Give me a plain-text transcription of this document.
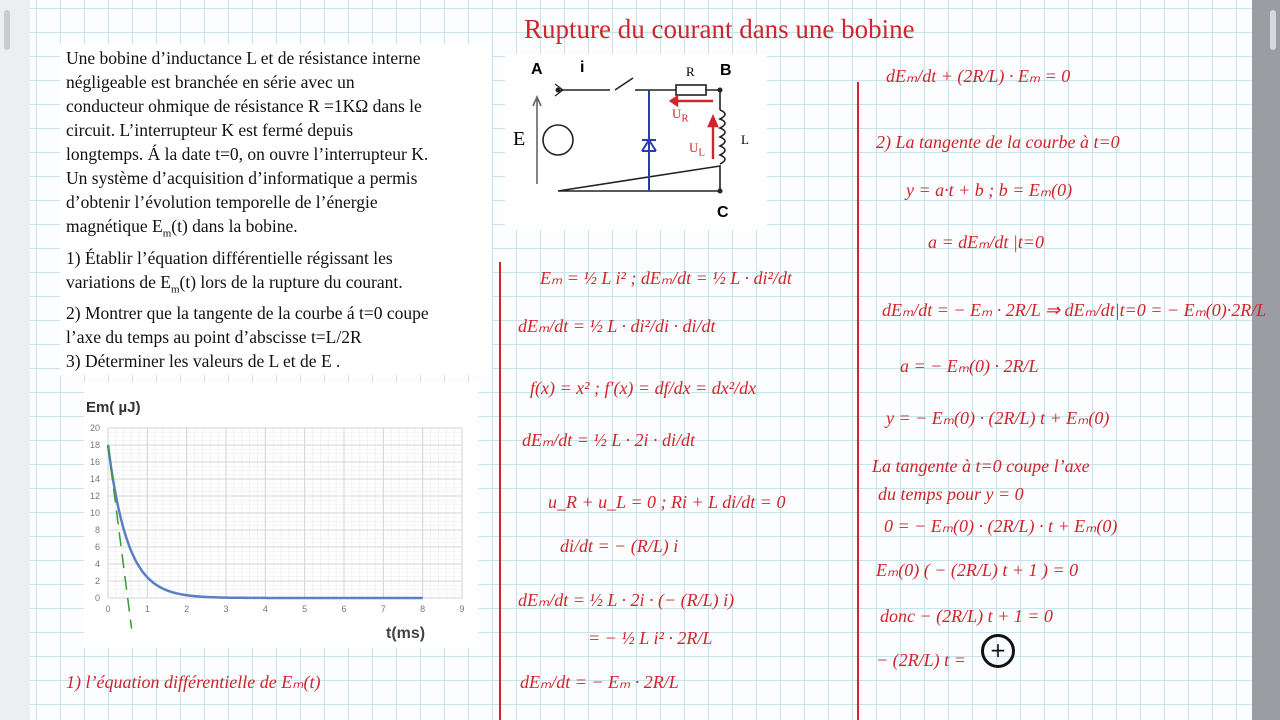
Rupture du courant dans une bobine
Une bobine d’inductance L et de résistance interne
négligeable est branchée en série avec un
conducteur ohmique de résistance R =1KΩ dans le
circuit. L’interrupteur K est fermé depuis
longtemps. Á la date t=0, on ouvre l’interrupteur K.
Un système d’acquisition d’informatique a permis
d’obtenir l’évolution temporelle de l’énergie
magnétique $E_m(t)$ dans la bobine.
1) Établir l’équation différentielle régissant les
variations de $E_m(t)$ lors de la rupture du courant.
2) Montrer que la tangente de la courbe á t=0 coupe
l’axe du temps au point d’abscisse t=L/2R
3) Déterminer les valeurs de L et de E .
A i	R B
E	L
$U_R$
$U_L$
C
0	1	2	3	4	5	6	7	8	9
0
2
4
6
8
10
12
14
16
18
20
Em( µJ)
t(ms)
Eₘ = ½ L i² ; dEₘ/dt = ½ L · di²/dt
dEₘ/dt = ½ L · di²/di · di/dt
f(x) = x² ; f′(x) = df/dx = dx²/dx
dEₘ/dt = ½ L · 2i · di/dt
u_R + u_L = 0 ; Ri + L di/dt = 0
di/dt = − (R/L) i
dEₘ/dt = ½ L · 2i · (− (R/L) i)
= − ½ L i² · 2R/L
dEₘ/dt = − Eₘ · 2R/L
1) l’équation différentielle de Eₘ(t)
dEₘ/dt + (2R/L) · Eₘ = 0
2) La tangente de la courbe à t=0
y = a·t + b ; b = Eₘ(0)
a = dEₘ/dt |t=0
dEₘ/dt = − Eₘ · 2R/L ⇒ dEₘ/dt|t=0 = − Eₘ(0)·2R/L
a = − Eₘ(0) · 2R/L
y = − Eₘ(0) · (2R/L) t + Eₘ(0)
La tangente à t=0 coupe l’axe
du temps pour y = 0
0 = − Eₘ(0) · (2R/L) · t + Eₘ(0)
Eₘ(0) ( − (2R/L) t + 1 ) = 0
donc − (2R/L) t + 1 = 0
− (2R/L) t =	+
